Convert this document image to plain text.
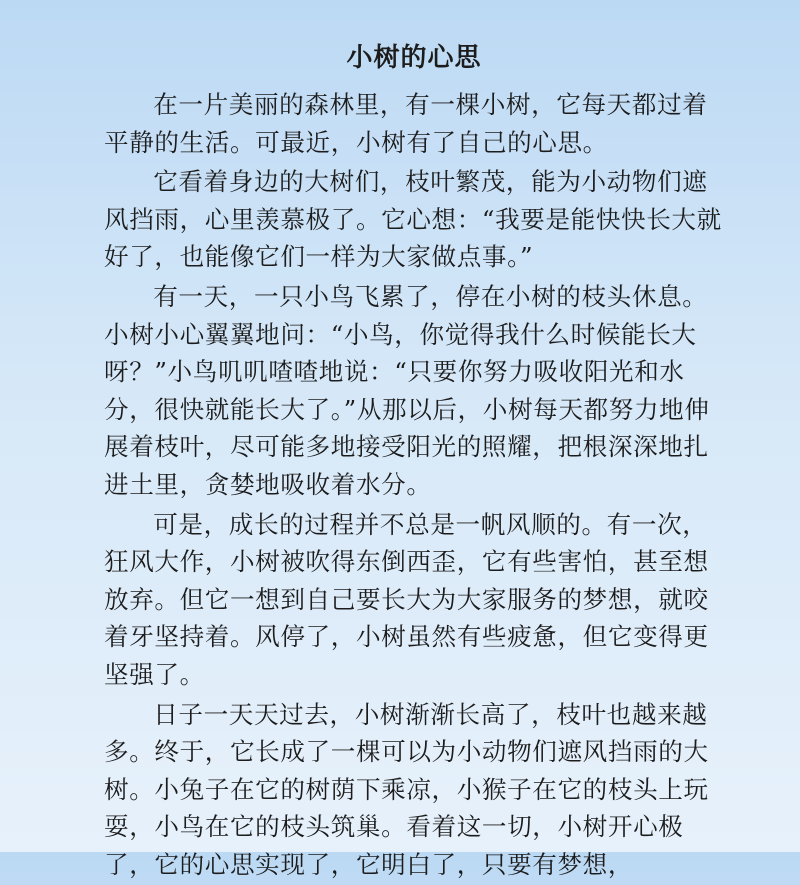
小树的心思
在一片美丽的森林里，有一棵小树，它每天都过着平静的生活。可最近，小树有了自己的心思。
它看着身边的大树们，枝叶繁茂，能为小动物们遮风挡雨，心里羡慕极了。它心想：“我要是能快快长大就好了，也能像它们一样为大家做点事。”
有一天，一只小鸟飞累了，停在小树的枝头休息。小树小心翼翼地问：“小鸟，你觉得我什么时候能长大呀？”小鸟叽叽喳喳地说：“只要你努力吸收阳光和水分，很快就能长大了。”从那以后，小树每天都努力地伸展着枝叶，尽可能多地接受阳光的照耀，把根深深地扎进土里，贪婪地吸收着水分。
可是，成长的过程并不总是一帆风顺的。有一次，狂风大作，小树被吹得东倒西歪，它有些害怕，甚至想放弃。但它一想到自己要长大为大家服务的梦想，就咬着牙坚持着。风停了，小树虽然有些疲惫，但它变得更坚强了。
日子一天天过去，小树渐渐长高了，枝叶也越来越多。终于，它长成了一棵可以为小动物们遮风挡雨的大树。小兔子在它的树荫下乘凉，小猴子在它的枝头上玩耍，小鸟在它的枝头筑巢。看着这一切，小树开心极了，它的心思实现了，它明白了，只要有梦想，
